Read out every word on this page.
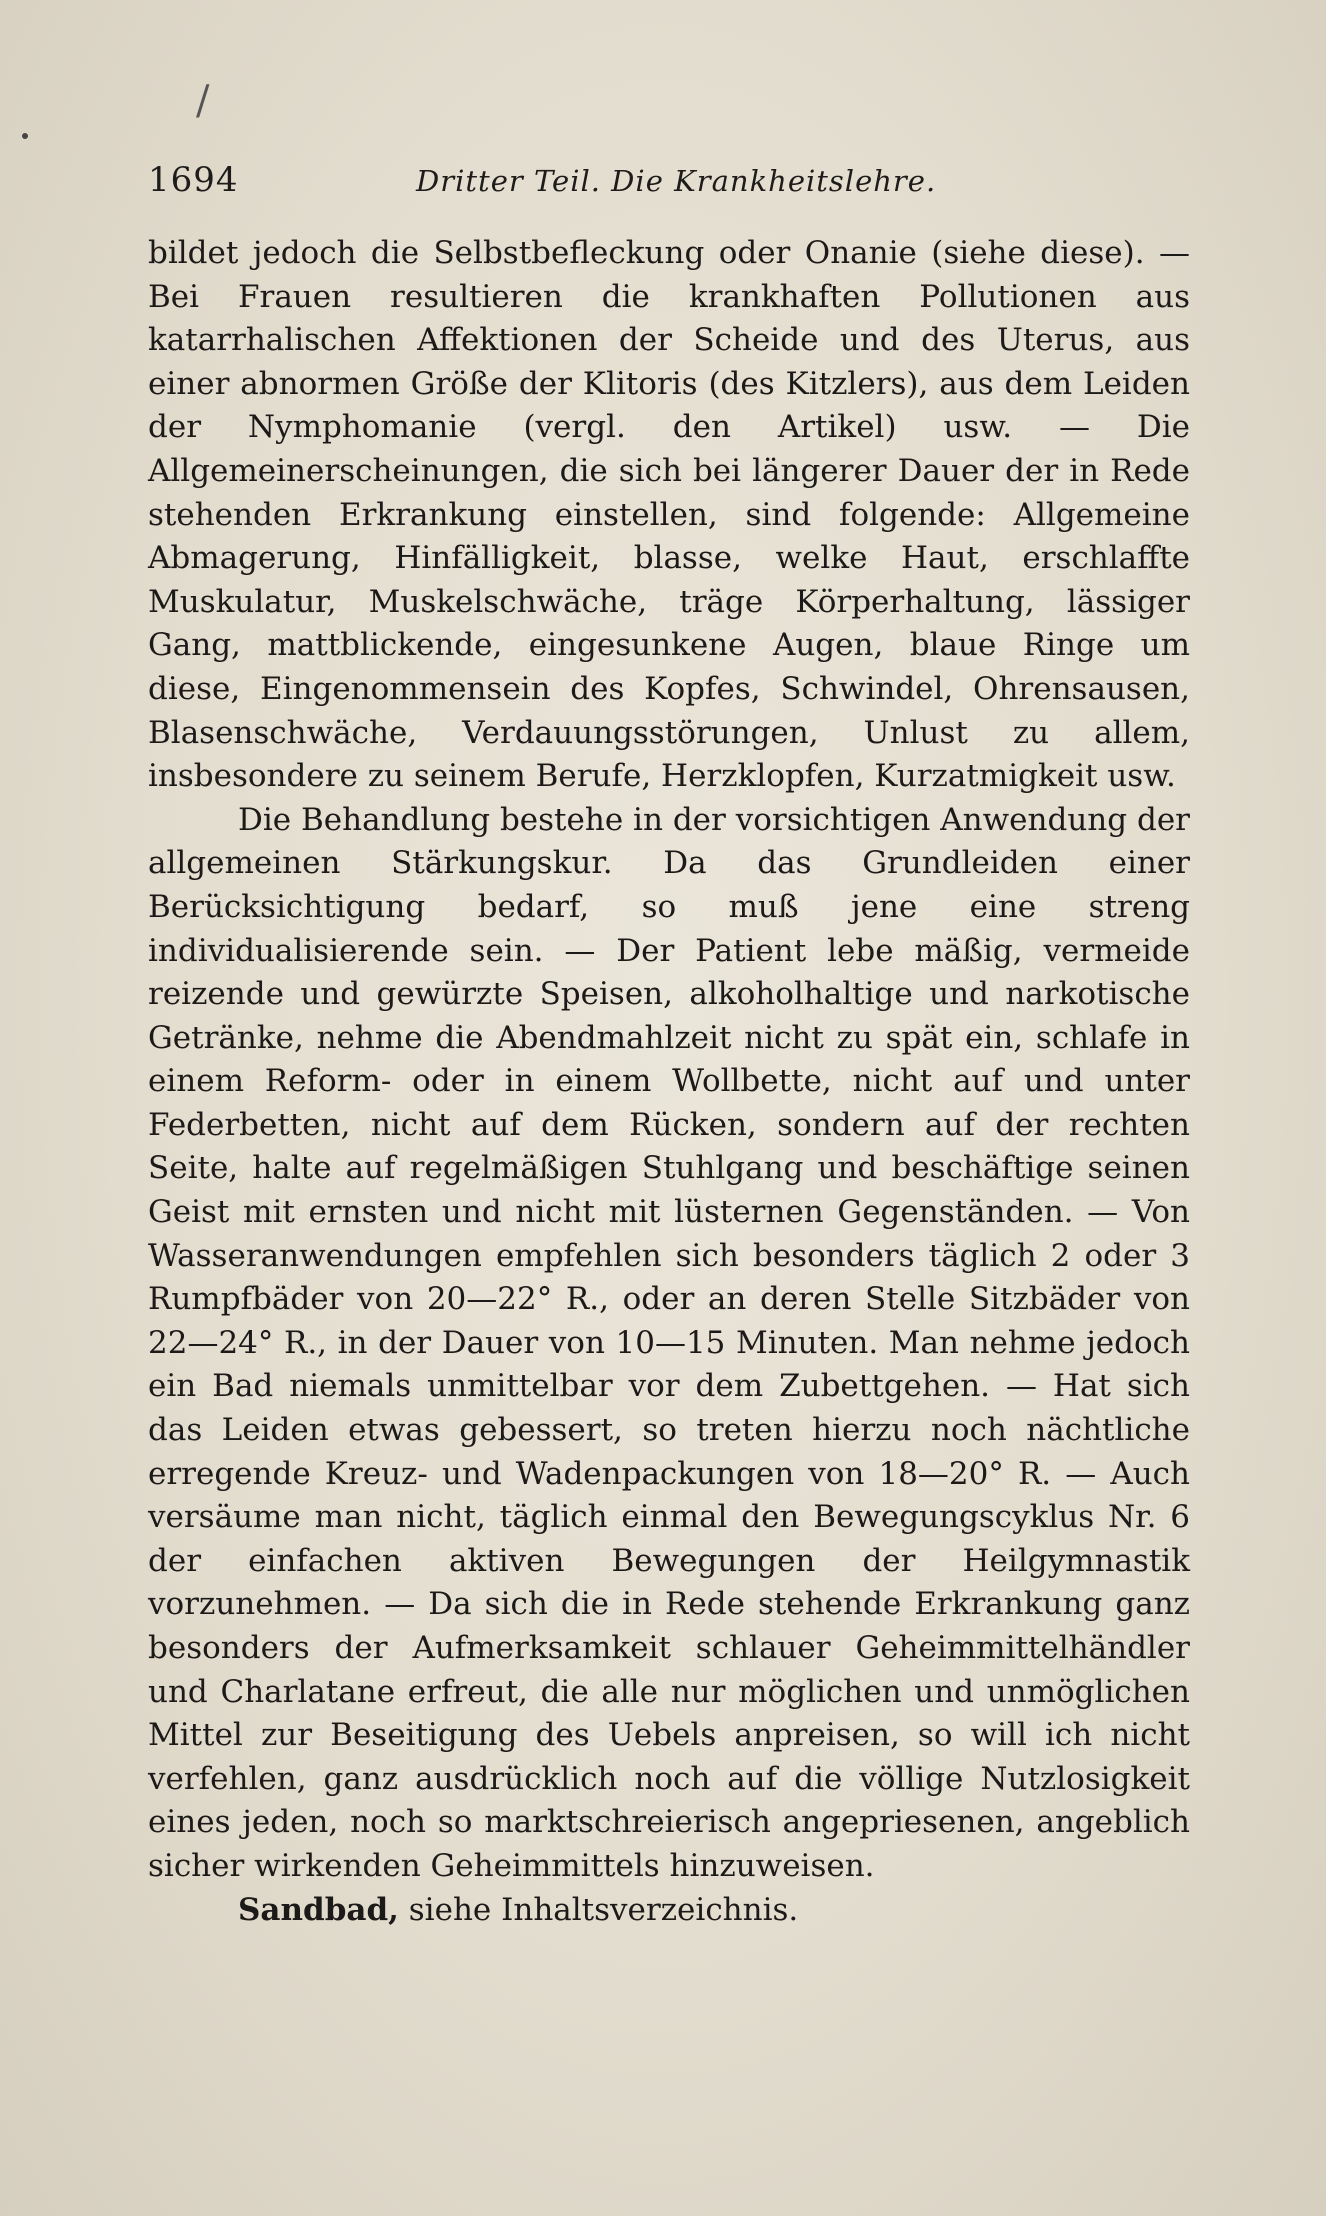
/
1694	Dritter Teil. Die Krankheitslehre.

bildet jedoch die Selbstbefleckung oder Onanie (siehe diese). — Bei Frauen resultieren die krankhaften Pollutionen aus katarrhalischen Affektionen der Scheide und des Uterus, aus einer abnormen Größe der Klitoris (des Kitzlers), aus dem Leiden der Nymphomanie (vergl. den Artikel) usw. — Die Allgemeinerscheinungen, die sich bei längerer Dauer der in Rede stehenden Erkrankung einstellen, sind folgende: Allgemeine Abmagerung, Hinfälligkeit, blasse, welke Haut, erschlaffte Muskulatur, Muskelschwäche, träge Körperhaltung, lässiger Gang, mattblickende, eingesunkene Augen, blaue Ringe um diese, Eingenommensein des Kopfes, Schwindel, Ohrensausen, Blasenschwäche, Verdauungsstörungen, Unlust zu allem, insbesondere zu seinem Berufe, Herzklopfen, Kurzatmigkeit usw.

Die Behandlung bestehe in der vorsichtigen Anwendung der allgemeinen Stärkungskur. Da das Grundleiden einer Berücksichtigung bedarf, so muß jene eine streng individualisierende sein. — Der Patient lebe mäßig, vermeide reizende und gewürzte Speisen, alkoholhaltige und narkotische Getränke, nehme die Abendmahlzeit nicht zu spät ein, schlafe in einem Reform- oder in einem Wollbette, nicht auf und unter Federbetten, nicht auf dem Rücken, sondern auf der rechten Seite, halte auf regelmäßigen Stuhlgang und beschäftige seinen Geist mit ernsten und nicht mit lüsternen Gegenständen. — Von Wasseranwendungen empfehlen sich besonders täglich 2 oder 3 Rumpfbäder von 20—22° R., oder an deren Stelle Sitzbäder von 22—24° R., in der Dauer von 10—15 Minuten. Man nehme jedoch ein Bad niemals unmittelbar vor dem Zubettgehen. — Hat sich das Leiden etwas gebessert, so treten hierzu noch nächtliche erregende Kreuz- und Wadenpackungen von 18—20° R. — Auch versäume man nicht, täglich einmal den Bewegungscyklus Nr. 6 der einfachen aktiven Bewegungen der Heilgymnastik vorzunehmen. — Da sich die in Rede stehende Erkrankung ganz besonders der Aufmerksamkeit schlauer Geheimmittelhändler und Charlatane erfreut, die alle nur möglichen und unmöglichen Mittel zur Beseitigung des Uebels anpreisen, so will ich nicht verfehlen, ganz ausdrücklich noch auf die völlige Nutzlosigkeit eines jeden, noch so marktschreierisch angepriesenen, angeblich sicher wirkenden Geheimmittels hinzuweisen.

Sandbad, siehe Inhaltsverzeichnis.
